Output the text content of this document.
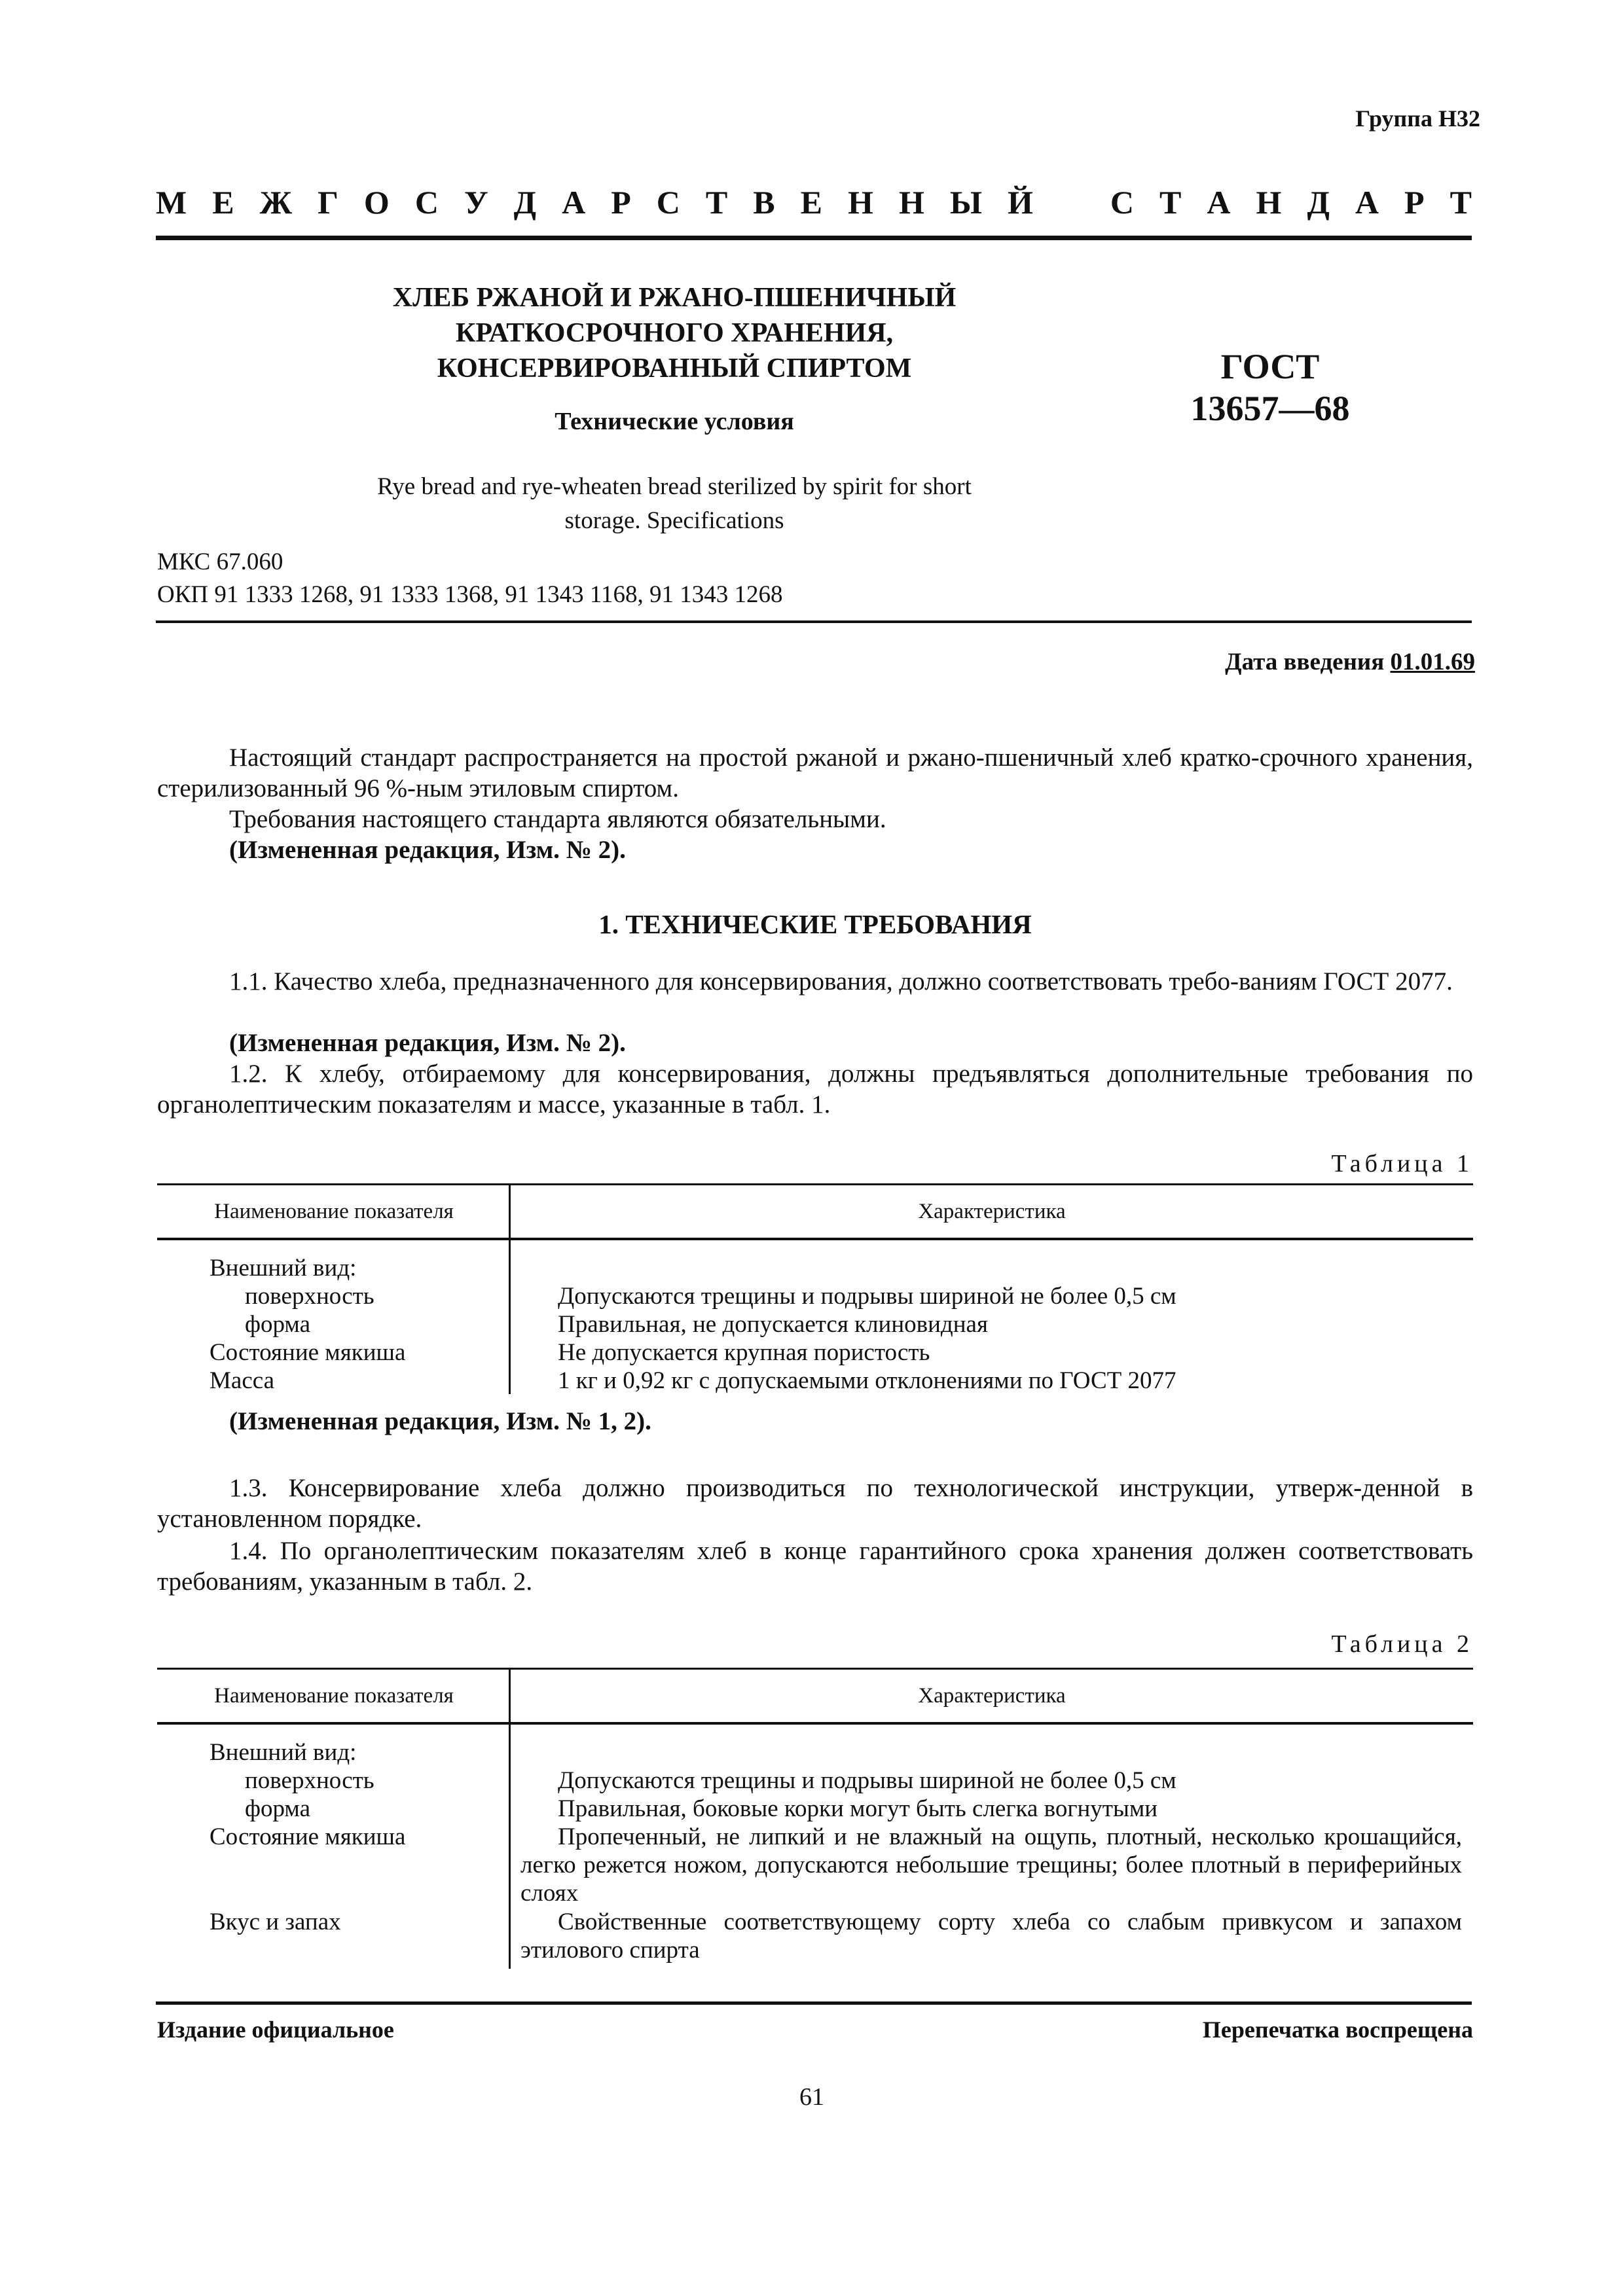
Группа Н32
М Е Ж Г О С У Д А Р С Т В Е Н Н Ы Й С Т А Н Д А Р Т
ХЛЕБ РЖАНОЙ И РЖАНО-ПШЕНИЧНЫЙ
КРАТКОСРОЧНОГО ХРАНЕНИЯ,
КОНСЕРВИРОВАННЫЙ СПИРТОМ
Технические условия
ГОСТ
13657—68
Rye bread and rye-wheaten bread sterilized by spirit for short
storage. Specifications
МКС 67.060
ОКП 91 1333 1268, 91 1333 1368, 91 1343 1168, 91 1343 1268
Дата введения 01.01.69
Настоящий стандарт распространяется на простой ржаной и ржано-пшеничный хлеб кратко-срочного хранения, стерилизованный 96 %-ным этиловым спиртом.
Требования настоящего стандарта являются обязательными.
(Измененная редакция, Изм. № 2).
1. ТЕХНИЧЕСКИЕ ТРЕБОВАНИЯ
1.1. Качество хлеба, предназначенного для консервирования, должно соответствовать требо-ваниям ГОСТ 2077.
(Измененная редакция, Изм. № 2).
1.2. К хлебу, отбираемому для консервирования, должны предъявляться дополнительные требования по органолептическим показателям и массе, указанные в табл. 1.
Таблица 1
Наименование показателя	Характеристика
Внешний вид:
поверхность	Допускаются трещины и подрывы шириной не более 0,5 см
форма	Правильная, не допускается клиновидная
Состояние мякиша	Не допускается крупная пористость
Масса	1 кг и 0,92 кг с допускаемыми отклонениями по ГОСТ 2077
(Измененная редакция, Изм. № 1, 2).
1.3. Консервирование хлеба должно производиться по технологической инструкции, утверж-денной в установленном порядке.
1.4. По органолептическим показателям хлеб в конце гарантийного срока хранения должен соответствовать требованиям, указанным в табл. 2.
Таблица 2
Наименование показателя	Характеристика
Внешний вид:
поверхность	Допускаются трещины и подрывы шириной не более 0,5 см
форма	Правильная, боковые корки могут быть слегка вогнутыми
Состояние мякиша	Пропеченный, не липкий и не влажный на ощупь, плотный, несколько крошащийся, легко режется ножом, допускаются небольшие трещины; более плотный в периферийных слоях
Вкус и запах	Свойственные соответствующему сорту хлеба со слабым привкусом и запахом этилового спирта
Издание официальное	Перепечатка воспрещена
61
